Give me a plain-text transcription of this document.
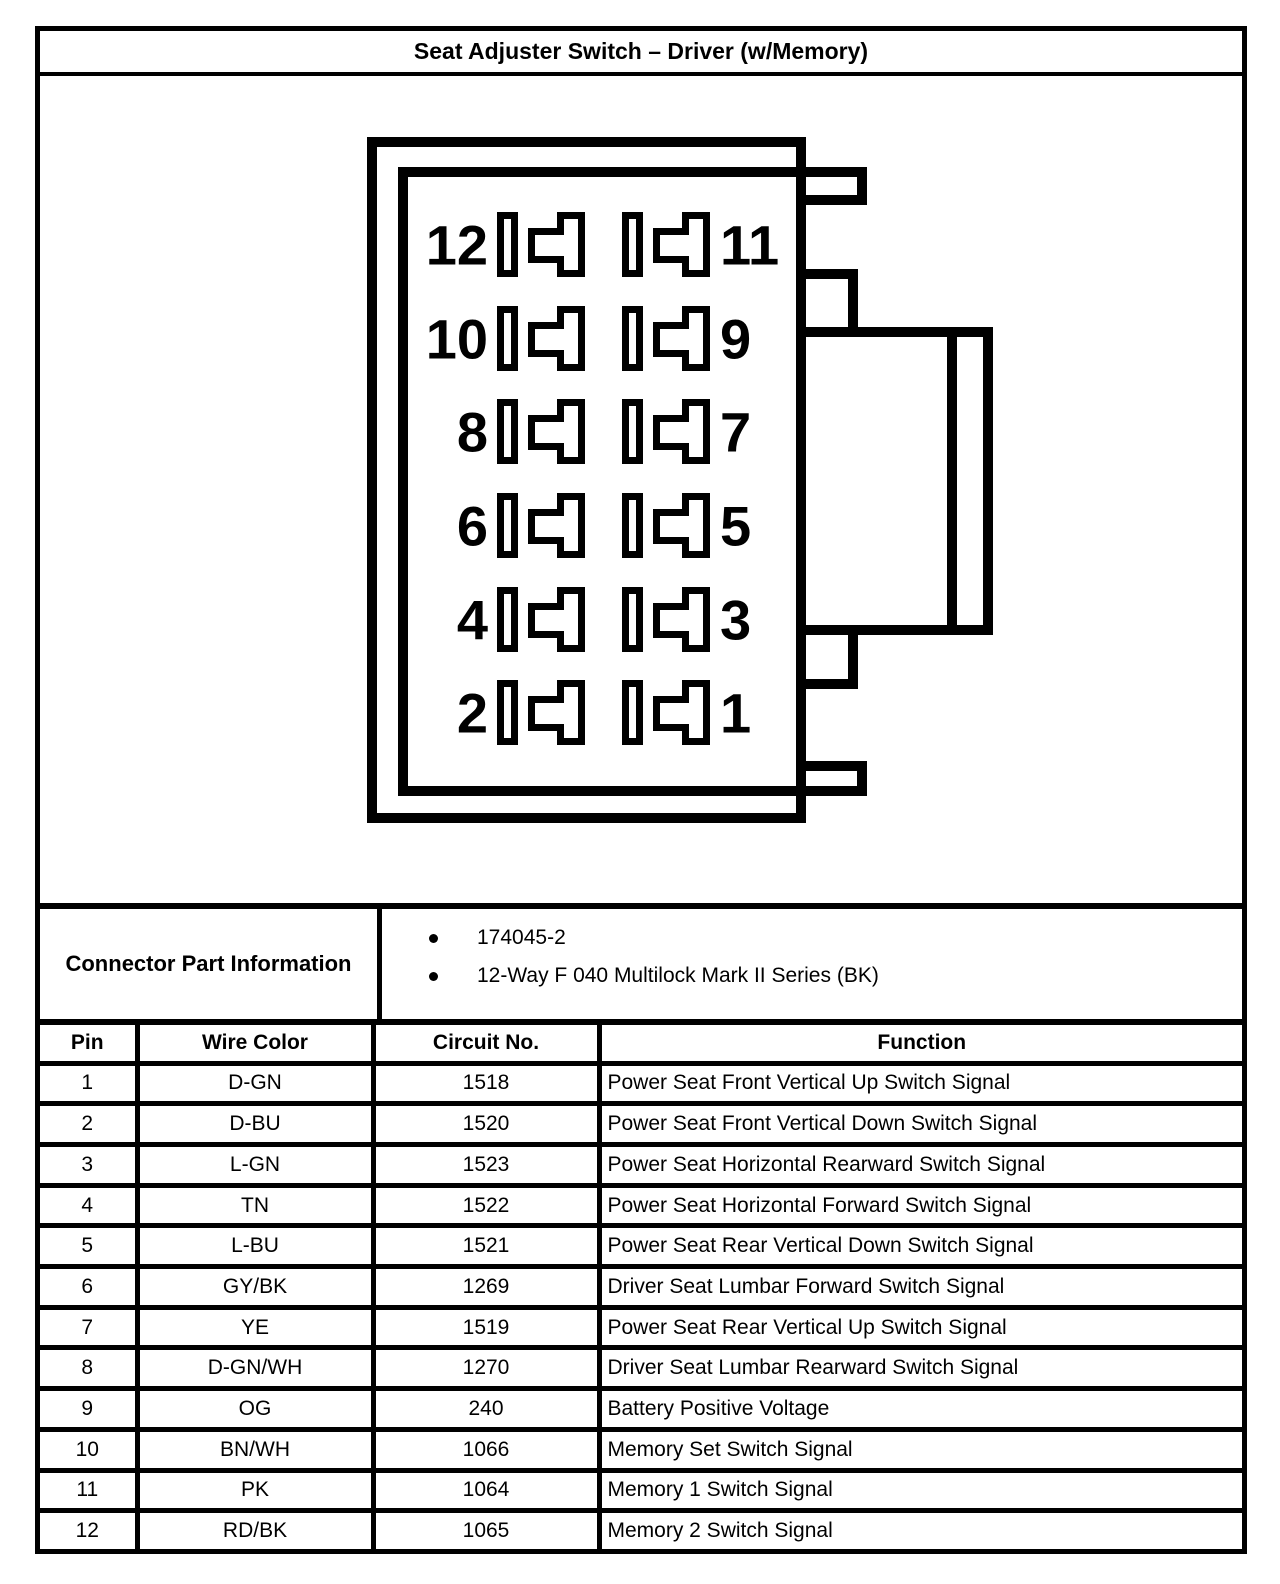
Seat Adjuster Switch – Driver (w/Memory)
12	11
10	9
8	7
6	5
4	3
2	1
Connector Part Information
174045-2
12-Way F 040 Multilock Mark II Series (BK)
Pin	Wire Color	Circuit No.	Function
1	D-GN	1518	Power Seat Front Vertical Up Switch Signal
2	D-BU	1520	Power Seat Front Vertical Down Switch Signal
3	L-GN	1523	Power Seat Horizontal Rearward Switch Signal
4	TN	1522	Power Seat Horizontal Forward Switch Signal
5	L-BU	1521	Power Seat Rear Vertical Down Switch Signal
6	GY/BK	1269	Driver Seat Lumbar Forward Switch Signal
7	YE	1519	Power Seat Rear Vertical Up Switch Signal
8	D-GN/WH	1270	Driver Seat Lumbar Rearward Switch Signal
9	OG	240	Battery Positive Voltage
10	BN/WH	1066	Memory Set Switch Signal
11	PK	1064	Memory 1 Switch Signal
12	RD/BK	1065	Memory 2 Switch Signal
